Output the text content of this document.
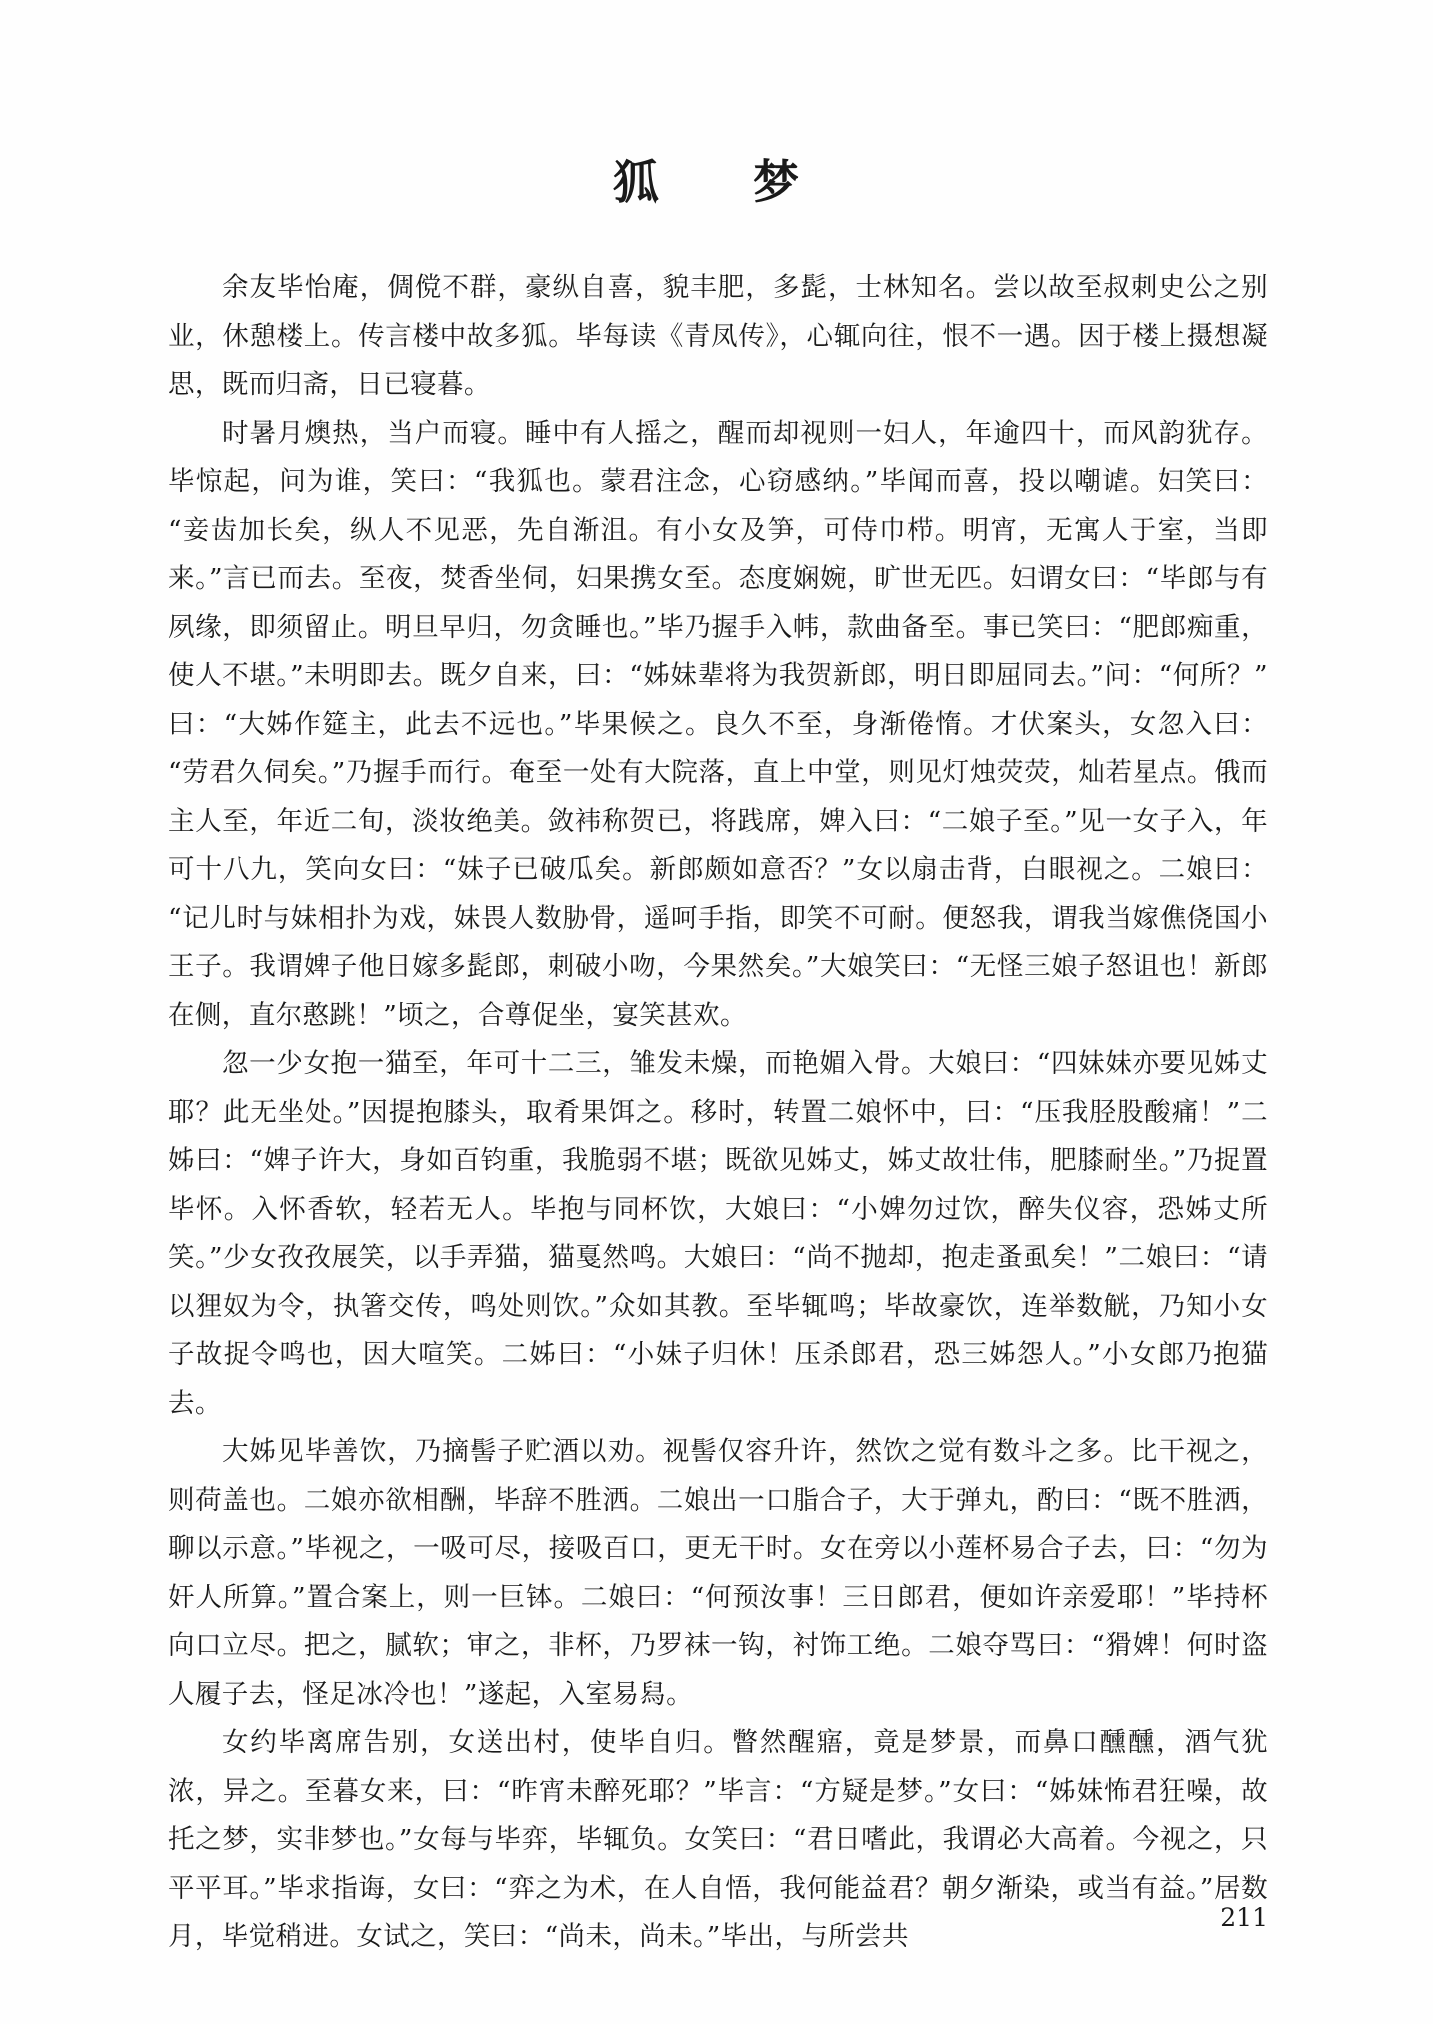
狐　梦

余友毕怡庵，倜傥不群，豪纵自喜，貌丰肥，多髭，士林知名。尝以故至叔刺史公之别业，休憩楼上。传言楼中故多狐。毕每读《青凤传》，心辄向往，恨不一遇。因于楼上摄想凝思，既而归斋，日已寝暮。

时暑月燠热，当户而寝。睡中有人摇之，醒而却视则一妇人，年逾四十，而风韵犹存。毕惊起，问为谁，笑曰：“我狐也。蒙君注念，心窃感纳。”毕闻而喜，投以嘲谑。妇笑曰：“妾齿加长矣，纵人不见恶，先自渐沮。有小女及笋，可侍巾栉。明宵，无寓人于室，当即来。”言已而去。至夜，焚香坐伺，妇果携女至。态度娴婉，旷世无匹。妇谓女曰：“毕郎与有夙缘，即须留止。明旦早归，勿贪睡也。”毕乃握手入帏，款曲备至。事已笑曰：“肥郎痴重，使人不堪。”未明即去。既夕自来，曰：“姊妹辈将为我贺新郎，明日即屈同去。”问：“何所？”曰：“大姊作筵主，此去不远也。”毕果候之。良久不至，身渐倦惰。才伏案头，女忽入曰：“劳君久伺矣。”乃握手而行。奄至一处有大院落，直上中堂，则见灯烛荧荧，灿若星点。俄而主人至，年近二旬，淡妆绝美。敛袆称贺已，将践席，婢入曰：“二娘子至。”见一女子入，年可十八九，笑向女曰：“妹子已破瓜矣。新郎颇如意否？”女以扇击背，白眼视之。二娘曰：“记儿时与妹相扑为戏，妹畏人数胁骨，遥呵手指，即笑不可耐。便怒我，谓我当嫁僬侥国小王子。我谓婢子他日嫁多髭郎，刺破小吻，今果然矣。”大娘笑曰：“无怪三娘子怒诅也！新郎在侧，直尔憨跳！”顷之，合尊促坐，宴笑甚欢。

忽一少女抱一猫至，年可十二三，雏发未燥，而艳媚入骨。大娘曰：“四妹妹亦要见姊丈耶？此无坐处。”因提抱膝头，取肴果饵之。移时，转置二娘怀中，曰：“压我胫股酸痛！”二姊曰：“婢子许大，身如百钧重，我脆弱不堪；既欲见姊丈，姊丈故壮伟，肥膝耐坐。”乃捉置毕怀。入怀香软，轻若无人。毕抱与同杯饮，大娘曰：“小婢勿过饮，醉失仪容，恐姊丈所笑。”少女孜孜展笑，以手弄猫，猫戛然鸣。大娘曰：“尚不抛却，抱走蚤虱矣！”二娘曰：“请以狸奴为令，执箸交传，鸣处则饮。”众如其教。至毕辄鸣；毕故豪饮，连举数觥，乃知小女子故捉令鸣也，因大喧笑。二姊曰：“小妹子归休！压杀郎君，恐三姊怨人。”小女郎乃抱猫去。

大姊见毕善饮，乃摘髻子贮酒以劝。视髻仅容升许，然饮之觉有数斗之多。比干视之，则荷盖也。二娘亦欲相酬，毕辞不胜洒。二娘出一口脂合子，大于弹丸，酌曰：“既不胜洒，聊以示意。”毕视之，一吸可尽，接吸百口，更无干时。女在旁以小莲杯易合子去，曰：“勿为奸人所算。”置合案上，则一巨钵。二娘曰：“何预汝事！三日郎君，便如许亲爱耶！”毕持杯向口立尽。把之，腻软；审之，非杯，乃罗袜一钩，衬饰工绝。二娘夺骂曰：“猾婢！何时盗人履子去，怪足冰冷也！”遂起，入室易舄。

女约毕离席告别，女送出村，使毕自归。瞥然醒寤，竟是梦景，而鼻口醺醺，酒气犹浓，异之。至暮女来，曰：“昨宵未醉死耶？”毕言：“方疑是梦。”女曰：“姊妹怖君狂噪，故托之梦，实非梦也。”女每与毕弈，毕辄负。女笑曰：“君日嗜此，我谓必大高着。今视之，只平平耳。”毕求指诲，女曰：“弈之为术，在人自悟，我何能益君？朝夕渐染，或当有益。”居数月，毕觉稍进。女试之，笑曰：“尚未，尚未。”毕出，与所尝共

211
